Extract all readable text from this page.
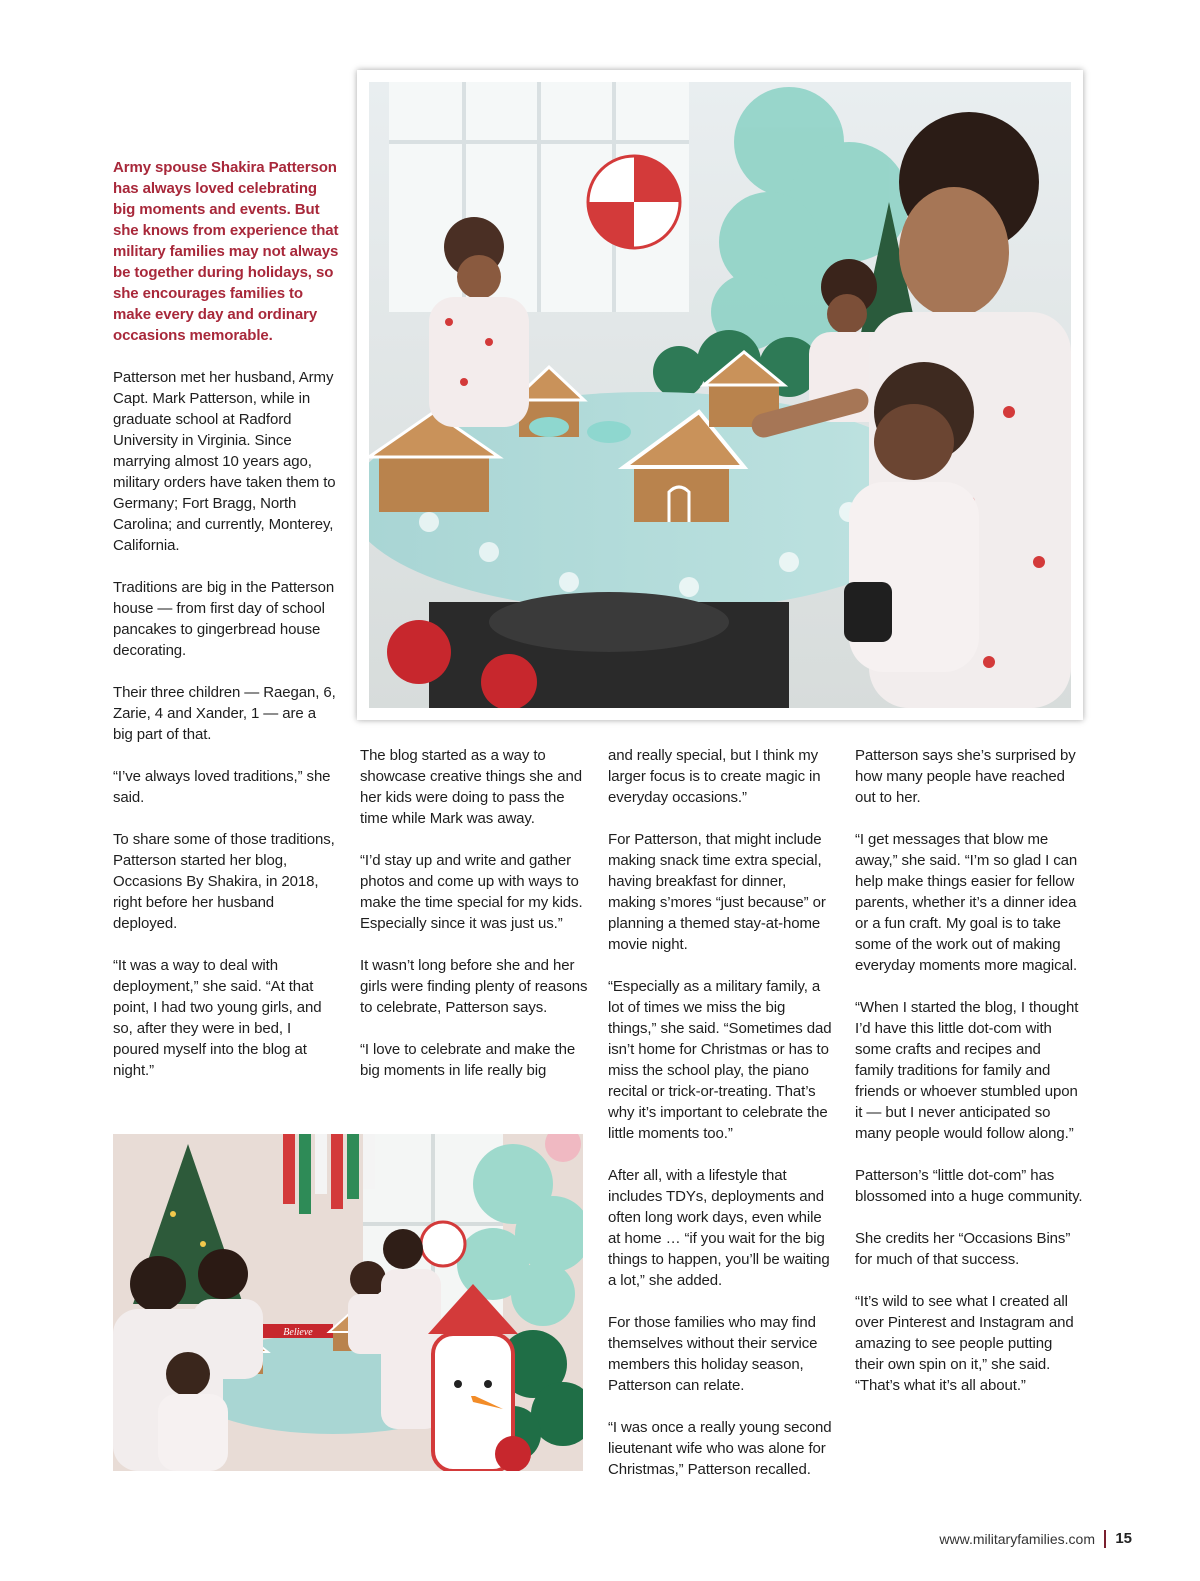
Army spouse Shakira Patterson has always loved celebrating big moments and events. But she knows from experience that military families may not always be together during holidays, so she encourages families to make every day and ordinary occasions memorable.

Patterson met her husband, Army Capt. Mark Patterson, while in graduate school at Radford University in Virginia. Since marrying almost 10 years ago, military orders have taken them to Germany; Fort Bragg, North Carolina; and currently, Monterey, California.

Traditions are big in the Patterson house — from first day of school pancakes to gingerbread house decorating.

Their three children — Raegan, 6, Zarie, 4 and Xander, 1 — are a big part of that.

“I’ve always loved traditions,” she said.

To share some of those traditions, Patterson started her blog, Occasions By Shakira, in 2018, right before her husband deployed.

“It was a way to deal with deployment,” she said. “At that point, I had two young girls, and so, after they were in bed, I poured myself into the blog at night.”

The blog started as a way to showcase creative things she and her kids were doing to pass the time while Mark was away.

“I’d stay up and write and gather photos and come up with ways to make the time special for my kids. Especially since it was just us.”

It wasn’t long before she and her girls were finding plenty of reasons to celebrate, Patterson says.

“I love to celebrate and make the big moments in life really big

and really special, but I think my larger focus is to create magic in everyday occasions.”

For Patterson, that might include making snack time extra special, having breakfast for dinner, making s’mores “just because” or planning a themed stay-at-home movie night.

“Especially as a military family, a lot of times we miss the big things,” she said. “Sometimes dad isn’t home for Christmas or has to miss the school play, the piano recital or trick-or-treating. That’s why it’s important to celebrate the little moments too.”

After all, with a lifestyle that includes TDYs, deployments and often long work days, even while at home … “if you wait for the big things to happen, you’ll be waiting a lot,” she added.

For those families who may find themselves without their service members this holiday season, Patterson can relate.

“I was once a really young second lieutenant wife who was alone for Christmas,” Patterson recalled.

Patterson says she’s surprised by how many people have reached out to her.

“I get messages that blow me away,” she said. “I’m so glad I can help make things easier for fellow parents, whether it’s a dinner idea or a fun craft. My goal is to take some of the work out of making everyday moments more magical.

“When I started the blog, I thought I’d have this little dot-com with some crafts and recipes and family traditions for family and friends or whoever stumbled upon it — but I never anticipated so many people would follow along.”

Patterson’s “little dot-com” has blossomed into a huge community.

She credits her “Occasions Bins” for much of that success.

“It’s wild to see what I created all over Pinterest and Instagram and amazing to see people putting their own spin on it,” she said. “That’s what it’s all about.”

Believe
www.militaryfamilies.com 15
